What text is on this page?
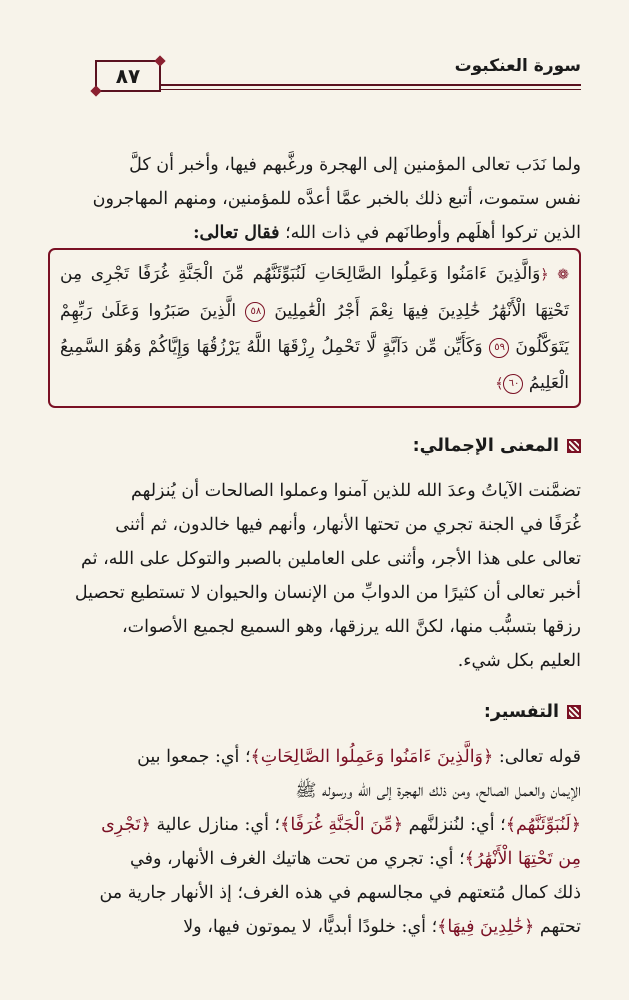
سورة العنكبوت
٨٧

ولما نَدَب تعالى المؤمنين إلى الهجرة ورغَّبهم فيها، وأخبر أن كلَّ

نفس ستموت، أتبع ذلك بالخبر عمَّا أعدَّه للمؤمنين، ومنهم المهاجرون

الذين تركوا أهلَهم وأوطانَهم في ذات الله؛ فقال تعالى:

❁ ﴿وَالَّذِينَ ءَامَنُوا وَعَمِلُوا الصَّالِحَاتِ لَنُبَوِّئَنَّهُم مِّنَ الْجَنَّةِ غُرَفًا تَجْرِى مِن تَحْتِهَا الْأَنْهَٰرُ خَٰلِدِينَ فِيهَا نِعْمَ أَجْرُ الْعَٰمِلِينَ ٥٨ الَّذِينَ صَبَرُوا وَعَلَىٰ رَبِّهِمْ يَتَوَكَّلُونَ ٥٩ وَكَأَيِّن مِّن دَآبَّةٍ لَّا تَحْمِلُ رِزْقَهَا اللَّهُ يَرْزُقُهَا وَإِيَّاكُمْ وَهُوَ السَّمِيعُ الْعَلِيمُ ٦٠﴾
المعنى الإجمالي:

تضمَّنت الآياتُ وعدَ الله للذين آمنوا وعملوا الصالحات أن يُنزلهم

غُرَفًا في الجنة تجري من تحتها الأنهار، وأنهم فيها خالدون، ثم أثنى

تعالى على هذا الأجر، وأثنى على العاملين بالصبر والتوكل على الله، ثم

أخبر تعالى أن كثيرًا من الدوابِّ من الإنسان والحيوان لا تستطيع تحصيل

رزقها بتسبُّب منها، لكنَّ الله يرزقها، وهو السميع لجميع الأصوات،

العليم بكل شيء.

التفسير:

قوله تعالى: ﴿وَالَّذِينَ ءَامَنُوا وَعَمِلُوا الصَّالِحَاتِ﴾؛ أي: جمعوا بين

الإيمان والعمل الصالح، ومن ذلك الهجرة إلى الله ورسوله ﷺ

﴿لَنُبَوِّئَنَّهُم﴾؛ أي: لنُنزلنَّهم ﴿مِّنَ الْجَنَّةِ غُرَفًا﴾؛ أي: منازل عالية ﴿تَجْرِى

مِن تَحْتِهَا الْأَنْهَٰرُ﴾؛ أي: تجري من تحت هاتيك الغرف الأنهار، وفي

ذلك كمال مُتعتهم في مجالسهم في هذه الغرف؛ إذ الأنهار جارية من

تحتهم ﴿خَٰلِدِينَ فِيهَا﴾؛ أي: خلودًا أبديًّا، لا يموتون فيها، ولا
